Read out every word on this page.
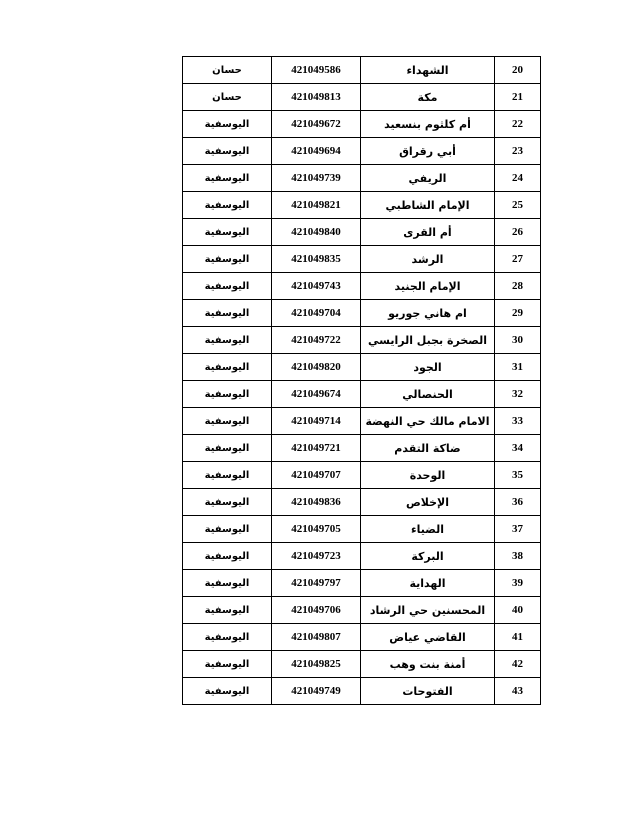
حسان	421049586	الشهداء	20
حسان	421049813	مكة	21
اليوسفية	421049672	أم كلثوم بنسعيد	22
اليوسفية	421049694	أبي رقراق	23
اليوسفية	421049739	الريفي	24
اليوسفية	421049821	الإمام الشاطبي	25
اليوسفية	421049840	أم القرى	26
اليوسفية	421049835	الرشد	27
اليوسفية	421049743	الإمام الجنيد	28
اليوسفية	421049704	ام هاني جوريو	29
اليوسفية	421049722	الصخرة بجبل الرايسي	30
اليوسفية	421049820	الجود	31
اليوسفية	421049674	الحنصالي	32
اليوسفية	421049714	الامام مالك حي النهضة	33
اليوسفية	421049721	ضاكة التقدم	34
اليوسفية	421049707	الوحدة	35
اليوسفية	421049836	الإخلاص	36
اليوسفية	421049705	الضياء	37
اليوسفية	421049723	البركة	38
اليوسفية	421049797	الهداية	39
اليوسفية	421049706	المحسنين حي الرشاد	40
اليوسفية	421049807	القاضي عياض	41
اليوسفية	421049825	أمنة بنت وهب	42
اليوسفية	421049749	الفتوحات	43
